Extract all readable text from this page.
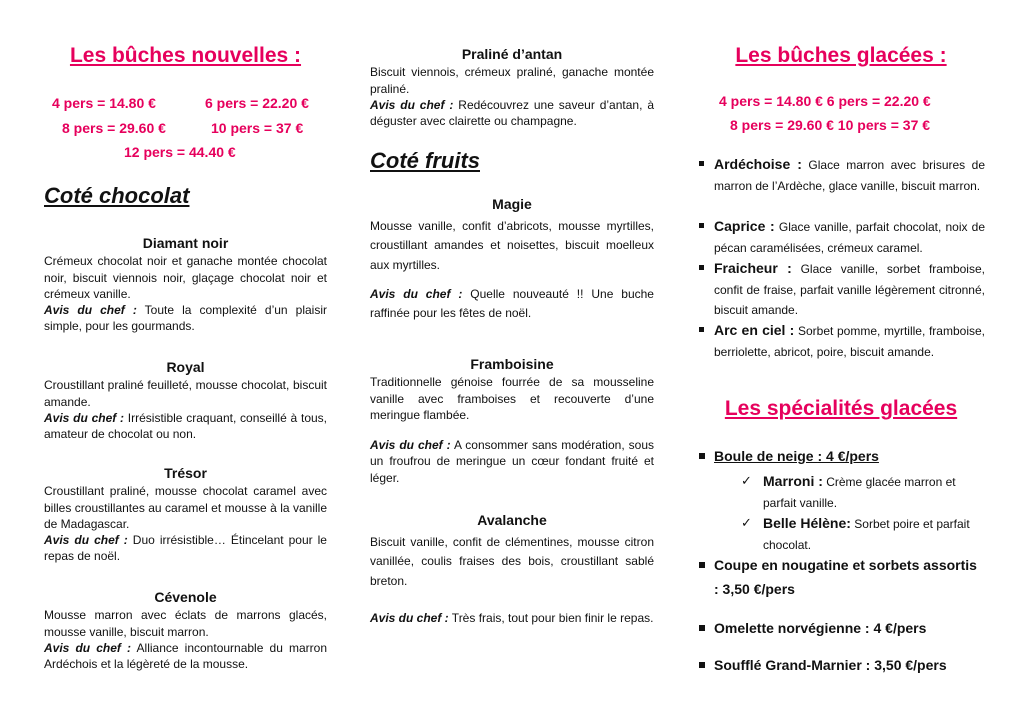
Les bûches nouvelles :
4 pers = 14.80 €	6 pers = 22.20 €
8 pers = 29.60 €	10 pers = 37 €
12 pers = 44.40 €
Coté chocolat

Diamant noir

Crémeux chocolat noir et ganache montée chocolat noir, biscuit viennois noir, glaçage chocolat noir et crémeux vanille.

Avis du chef : Toute la complexité d’un plaisir simple, pour les gourmands.

Royal

Croustillant praliné feuilleté, mousse chocolat, biscuit amande.

Avis du chef : Irrésistible craquant, conseillé à tous, amateur de chocolat ou non.

Trésor

Croustillant praliné, mousse chocolat caramel avec billes croustillantes au caramel et mousse à la vanille de Madagascar.

Avis du chef : Duo irrésistible… Étincelant pour le repas de noël.

Cévenole

Mousse marron avec éclats de marrons glacés, mousse vanille, biscuit marron.

Avis du chef : Alliance incontournable du marron Ardéchois et la légèreté de la mousse.

Praliné d’antan

Biscuit viennois, crémeux praliné, ganache montée praliné.

Avis du chef : Redécouvrez une saveur d’antan, à déguster avec clairette ou champagne.

Coté fruits

Magie

Mousse vanille, confit d’abricots, mousse myrtilles, croustillant amandes et noisettes, biscuit moelleux aux myrtilles.

Avis du chef : Quelle nouveauté !! Une buche raffinée pour les fêtes de noël.

Framboisine

Traditionnelle génoise fourrée de sa mousseline vanille avec framboises et recouverte d’une meringue flambée.

Avis du chef : A consommer sans modération, sous un froufrou de meringue un cœur fondant fruité et léger.

Avalanche

Biscuit vanille, confit de clémentines, mousse citron vanillée, coulis fraises des bois, croustillant sablé breton.

Avis du chef : Très frais, tout pour bien finir le repas.

Les bûches glacées :
4 pers = 14.80 € 6 pers = 22.20 €
8 pers = 29.60 € 10 pers = 37 €
Ardéchoise : Glace marron avec brisures de marron de l’Ardèche, glace vanille, biscuit marron.
Caprice : Glace vanille, parfait chocolat, noix de pécan caramélisées, crémeux caramel.
Fraicheur : Glace vanille, sorbet framboise, confit de fraise, parfait vanille légèrement citronné, biscuit amande.
Arc en ciel : Sorbet pomme, myrtille, framboise, berriolette, abricot, poire, biscuit amande.
Les spécialités glacées
Boule de neige : 4 €/pers
✓ Marroni : Crème glacée marron et parfait vanille.
✓ Belle Hélène: Sorbet poire et parfait chocolat.
Coupe en nougatine et sorbets assortis : 3,50 €/pers
Omelette norvégienne : 4 €/pers
Soufflé Grand-Marnier : 3,50 €/pers
